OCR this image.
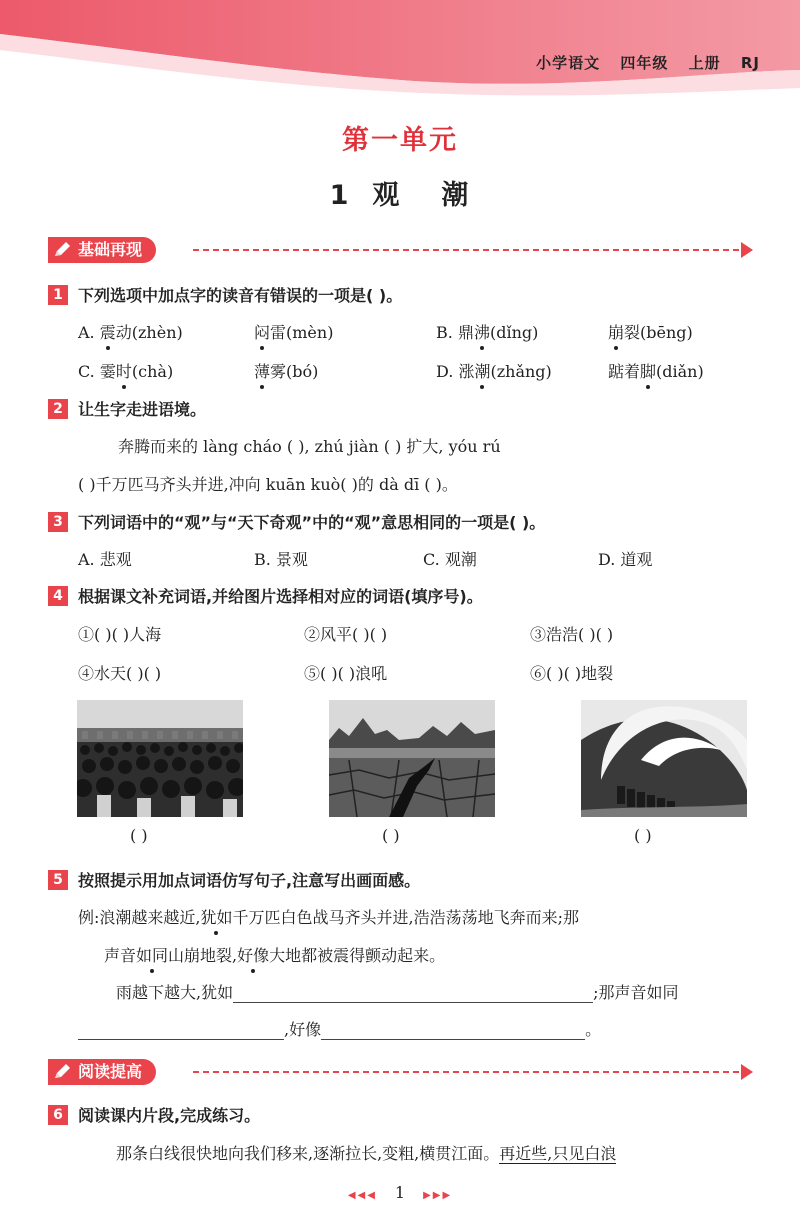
小学语文 四年级 上册 RJ
第一单元
1 观 潮
基础再现
1 下列选项中加点字的读音有错误的一项是( )。
A. 震动(zhèn)	闷雷(mèn)	B. 鼎沸(dǐng)	崩裂(bēng)
C. 霎时(chà)	薄雾(bó)	D. 涨潮(zhǎng)	踮着脚(diǎn)
2 让生字走进语境。
奔腾而来的 làng cháo ( ), zhú jiàn ( ) 扩大, yóu rú
( )千万匹马齐头并进,冲向 kuān kuò( )的 dà dī ( )。
3 下列词语中的“观”与“天下奇观”中的“观”意思相同的一项是( )。
A. 悲观	B. 景观	C. 观潮	D. 道观
4 根据课文补充词语,并给图片选择相对应的词语(填序号)。
①( )( )人海	②风平( )( )	③浩浩( )( )
④水天( )( )	⑤( )( )浪吼	⑥( )( )地裂
( )	( )	( )
5 按照提示用加点词语仿写句子,注意写出画面感。
例:浪潮越来越近,犹如千万匹白色战马齐头并进,浩浩荡荡地飞奔而来;那
声音如同山崩地裂,好像大地都被震得颤动起来。
雨越下越大,犹如	;那声音如同
,好像	。
阅读提高
6 阅读课内片段,完成练习。
那条白线很快地向我们移来,逐渐拉长,变粗,横贯江面。再近些,只见白浪
◀◀◀ 1 ▶▶▶
